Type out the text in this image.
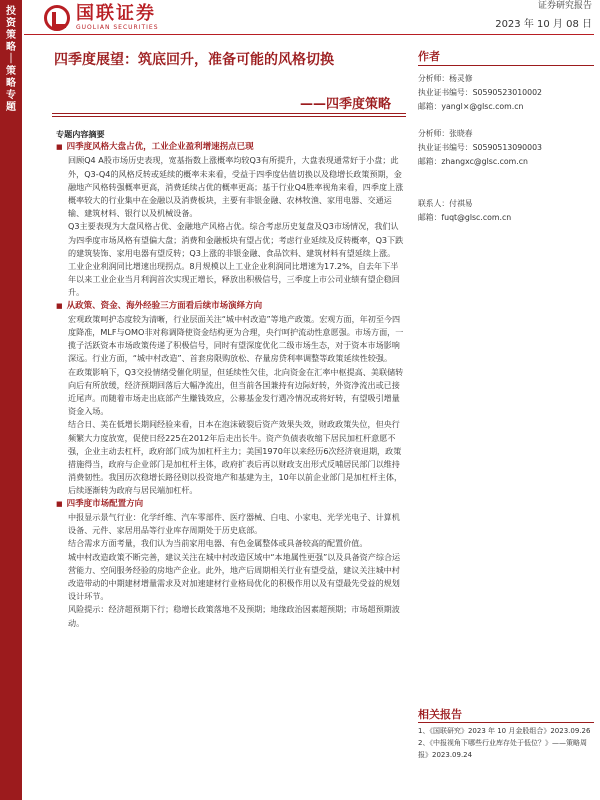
投资策略｜策略专题
国联证券
GUOLIAN SECURITIES
证券研究报告
2023 年 10 月 08 日
四季度展望：筑底回升，准备可能的风格切换
——四季度策略
专题内容摘要
■ 四季度风格大盘占优，工业企业盈利增速拐点已现
回顾Q4 A股市场历史表现，宽基指数上涨概率均较Q3有所提升，大盘表现通常好于小盘；此外，Q3-Q4的风格反转或延续的概率未来看，受益于四季度估值切换以及稳增长政策预期，金融地产风格转强概率更高，消费延续占优的概率更高；基于行业Q4胜率视角来看，四季度上涨概率较大的行业集中在金融以及消费板块，主要有非银金融、农林牧渔、家用电器、交通运输、建筑材料、银行以及机械设备。
Q3主要表现为大盘风格占优、金融地产风格占优。综合考虑历史复盘及Q3市场情况，我们认为四季度市场风格有望偏大盘；消费和金融板块有望占优；考虑行业延续及反转概率，Q3下跌的建筑装饰、家用电器有望反转；Q3上涨的非银金融、食品饮料、建筑材料有望延续上涨。
工业企业利润同比增速出现拐点。8月规模以上工业企业利润同比增速为17.2%，自去年下半年以来工业企业当月利润首次实现正增长，释放出积极信号，三季度上市公司业绩有望企稳回升。
■ 从政策、资金、海外经验三方面看后续市场演绎方向
宏观政策呵护态度较为清晰，行业层面关注“城中村改造”等地产政策。宏观方面，年初至今四度降准，MLF与OMO非对称调降使资金结构更为合理，央行呵护流动性意愿强。市场方面，一揽子活跃资本市场政策传递了积极信号，同时有望深度优化二级市场生态，对于资本市场影响深远。行业方面，“城中村改造”、首套房限购放松、存量房贷利率调整等政策延续性较强。
在政策影响下，Q3交投情绪受催化明显，但延续性欠佳，北向资金在汇率中枢提高、美联储转向后有所放缓，经济预期回落后大幅净流出，但当前各国兼持有边际好转，外资净流出或已接近尾声。而随着市场走出底部产生赚钱效应，公募基金发行遇冷情况或将好转，有望吸引增量资金入场。
结合日、美在低增长期间经验来看，日本在泡沫破裂后资产效果失效，财政政策失位，但央行频繁大力度放宽，促使日经225在2012年后走出长牛。资产负债表收缩下居民加杠杆意愿不强，企业主动去杠杆，政府部门成为加杠杆主力；美国1970年以来经历6次经济衰退期，政策措施得当，政府与企业部门是加杠杆主体，政府扩表后再以财政支出形式反哺居民部门以维持消费韧性。我国历次稳增长路径则以投资地产和基建为主，10年以前企业部门是加杠杆主体，后续逐渐转为政府与居民端加杠杆。
■ 四季度市场配置方向
中报显示景气行业：化学纤维、汽车零部件、医疗器械、白电、小家电、光学光电子、计算机设备、元件、家居用品等行业库存周期处于历史底部。
结合需求方面考量，我们认为当前家用电器、有色金属整体或具备较高的配置价值。
城中村改造政策不断完善，建议关注在城中村改造区域中“本地属性更强”以及具备资产综合运营能力、空间服务经验的房地产企业。此外，地产后周期相关行业有望受益，建议关注城中村改造带动的中期建材增量需求及对加速建材行业格局优化的积极作用以及有望最先受益的规划设计环节。
风险提示：经济超预期下行；稳增长政策落地不及预期；地缘政治因素超预期；市场超预期波动。
作者
分析师：杨灵修
执业证书编号：S0590523010002
邮箱：yangl×@glsc.com.cn
分析师：张晓春
执业证书编号：S0590513090003
邮箱：zhangxc@glsc.com.cn
联系人：付祺易
邮箱：fuqt@glsc.com.cn
相关报告
1、《国联研究》2023 年 10 月金股组合》2023.09.26
2、《中报视角下哪些行业库存处于低位？》——策略周报》2023.09.24
